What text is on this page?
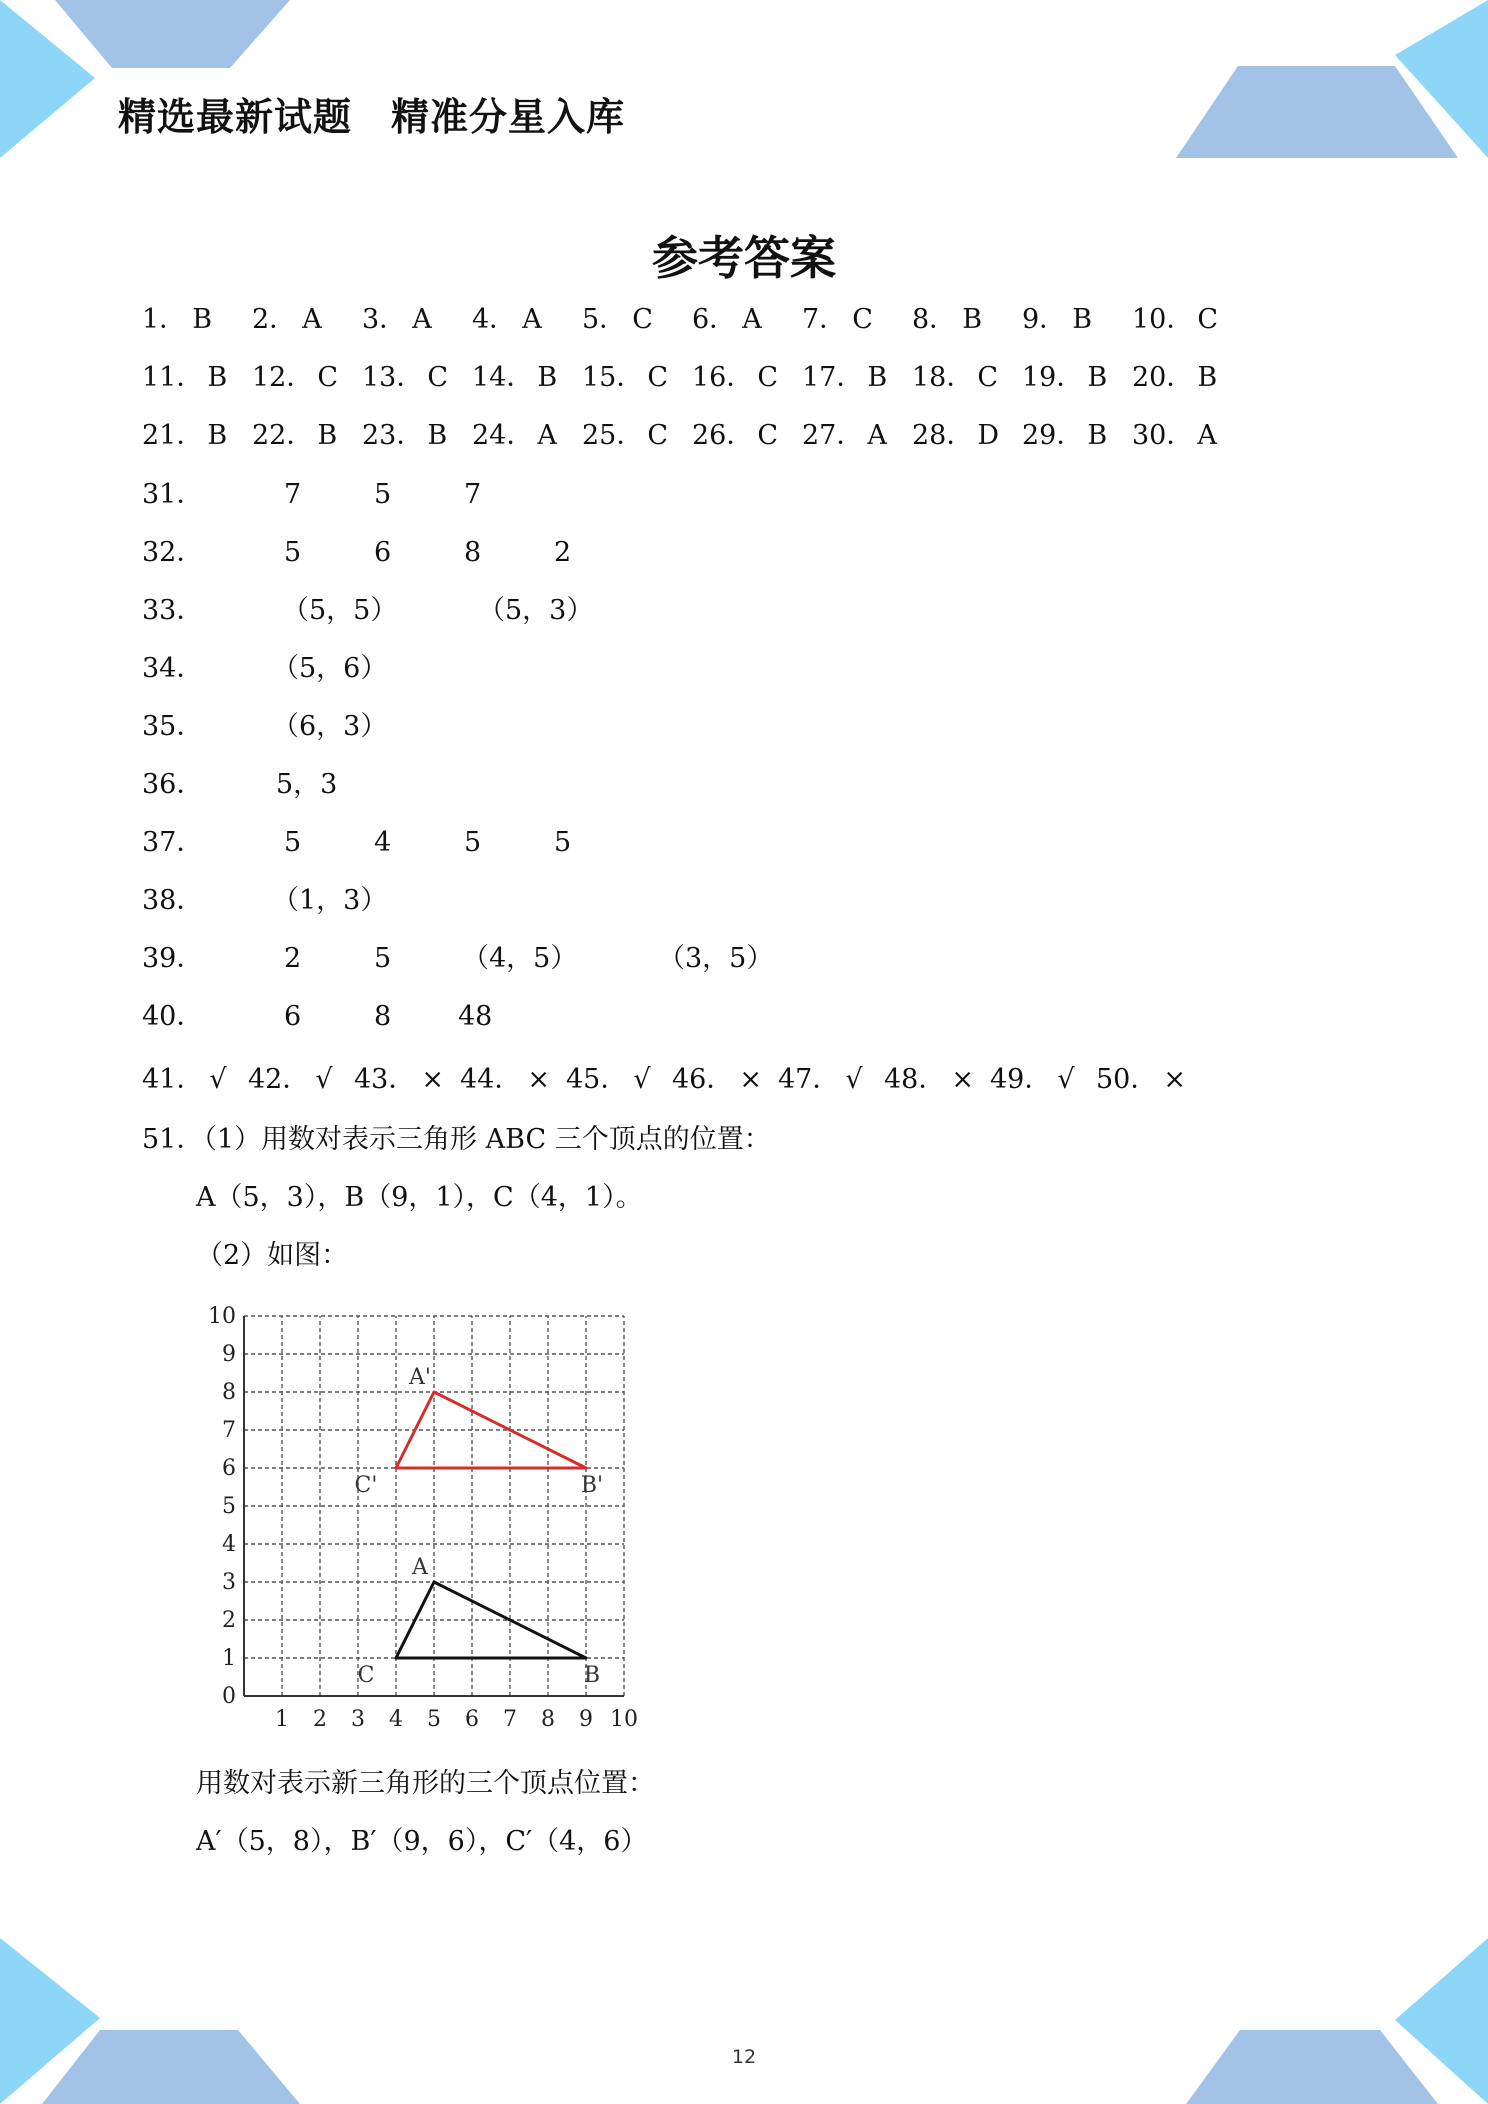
精选最新试题　精准分星入库
参考答案
1． B 2． A 3． A 4． A 5． C 6． A 7． C 8． B 9． B 10． C
11． B 12． C 13． C 14． B 15． C 16． C 17． B 18． C 19． B 20． B
21． B 22． B 23． B 24． A 25． C 26． C 27． A 28． D 29． B 30． A
31．	7	5	7
32．	5	6	8	2
33．	（5，5）	（5，3）
34．	（5，6）
35．	（6，3）
36．	5，3
37．	5	4	5	5
38．	（1，3）
39．	2	5	（4，5）	（3，5）
40．	6	8 48
41． √ 42． √ 43． × 44． × 45． √ 46． × 47． √ 48． × 49． √ 50． ×
51．（1）用数对表示三角形 ABC 三个顶点的位置：
A（5，3），B（9，1），C（4，1）。
（2）如图：
1 2 3 4 5 6 7 8 9 10
0
1
2
3
4
5
6
7
8
9
10
A
B
C
A'
B'
C'
用数对表示新三角形的三个顶点位置：
A′（5，8），B′（9，6），C′（4，6）
12
